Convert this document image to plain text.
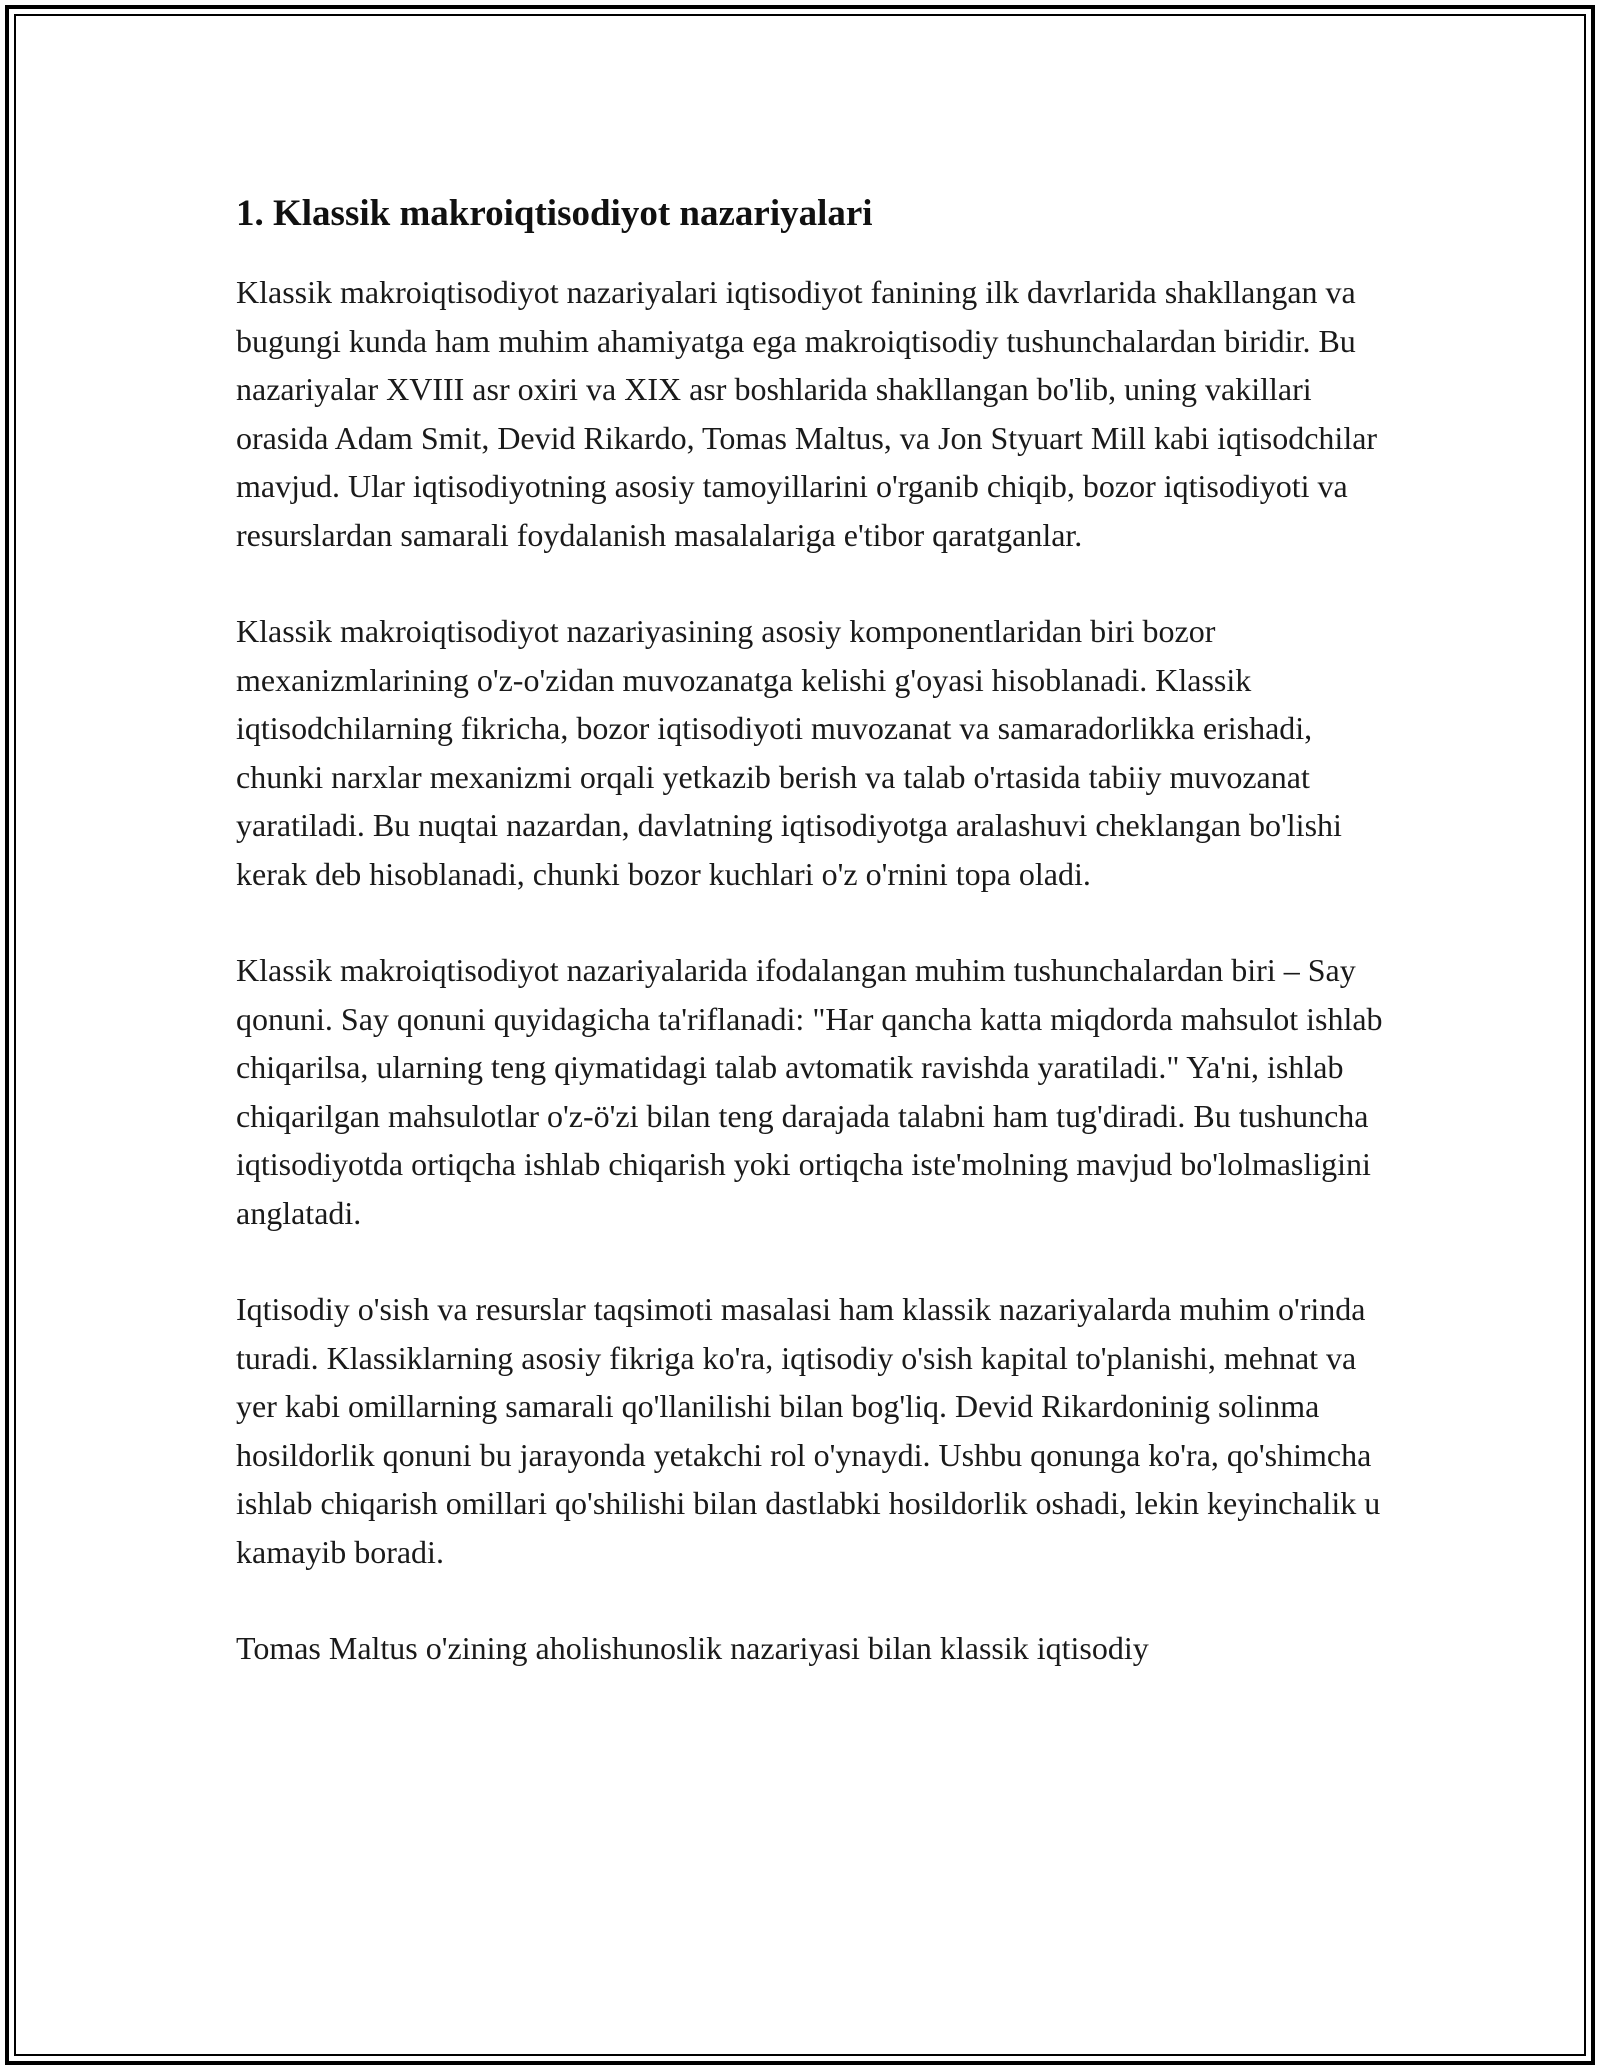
1. Klassik makroiqtisodiyot nazariyalari

Klassik makroiqtisodiyot nazariyalari iqtisodiyot fanining ilk davrlarida shakllangan va bugungi kunda ham muhim ahamiyatga ega makroiqtisodiy tushunchalardan biridir. Bu nazariyalar XVIII asr oxiri va XIX asr boshlarida shakllangan bo'lib, uning vakillari orasida Adam Smit, Devid Rikardo, Tomas Maltus, va Jon Styuart Mill kabi iqtisodchilar mavjud. Ular iqtisodiyotning asosiy tamoyillarini o'rganib chiqib, bozor iqtisodiyoti va resurslardan samarali foydalanish masalalariga e'tibor qaratganlar.

Klassik makroiqtisodiyot nazariyasining asosiy komponentlaridan biri bozor mexanizmlarining o'z-o'zidan muvozanatga kelishi g'oyasi hisoblanadi. Klassik iqtisodchilarning fikricha, bozor iqtisodiyoti muvozanat va samaradorlikka erishadi, chunki narxlar mexanizmi orqali yetkazib berish va talab o'rtasida tabiiy muvozanat yaratiladi. Bu nuqtai nazardan, davlatning iqtisodiyotga aralashuvi cheklangan bo'lishi kerak deb hisoblanadi, chunki bozor kuchlari o'z o'rnini topa oladi.

Klassik makroiqtisodiyot nazariyalarida ifodalangan muhim tushunchalardan biri – Say qonuni. Say qonuni quyidagicha ta'riflanadi: "Har qancha katta miqdorda mahsulot ishlab chiqarilsa, ularning teng qiymatidagi talab avtomatik ravishda yaratiladi." Ya'ni, ishlab chiqarilgan mahsulotlar o'z-ö'zi bilan teng darajada talabni ham tug'diradi. Bu tushuncha iqtisodiyotda ortiqcha ishlab chiqarish yoki ortiqcha iste'molning mavjud bo'lolmasligini anglatadi.

Iqtisodiy o'sish va resurslar taqsimoti masalasi ham klassik nazariyalarda muhim o'rinda turadi. Klassiklarning asosiy fikriga ko'ra, iqtisodiy o'sish kapital to'planishi, mehnat va yer kabi omillarning samarali qo'llanilishi bilan bog'liq. Devid Rikardoninig solinma hosildorlik qonuni bu jarayonda yetakchi rol o'ynaydi. Ushbu qonunga ko'ra, qo'shimcha ishlab chiqarish omillari qo'shilishi bilan dastlabki hosildorlik oshadi, lekin keyinchalik u kamayib boradi.

Tomas Maltus o'zining aholishunoslik nazariyasi bilan klassik iqtisodiy
